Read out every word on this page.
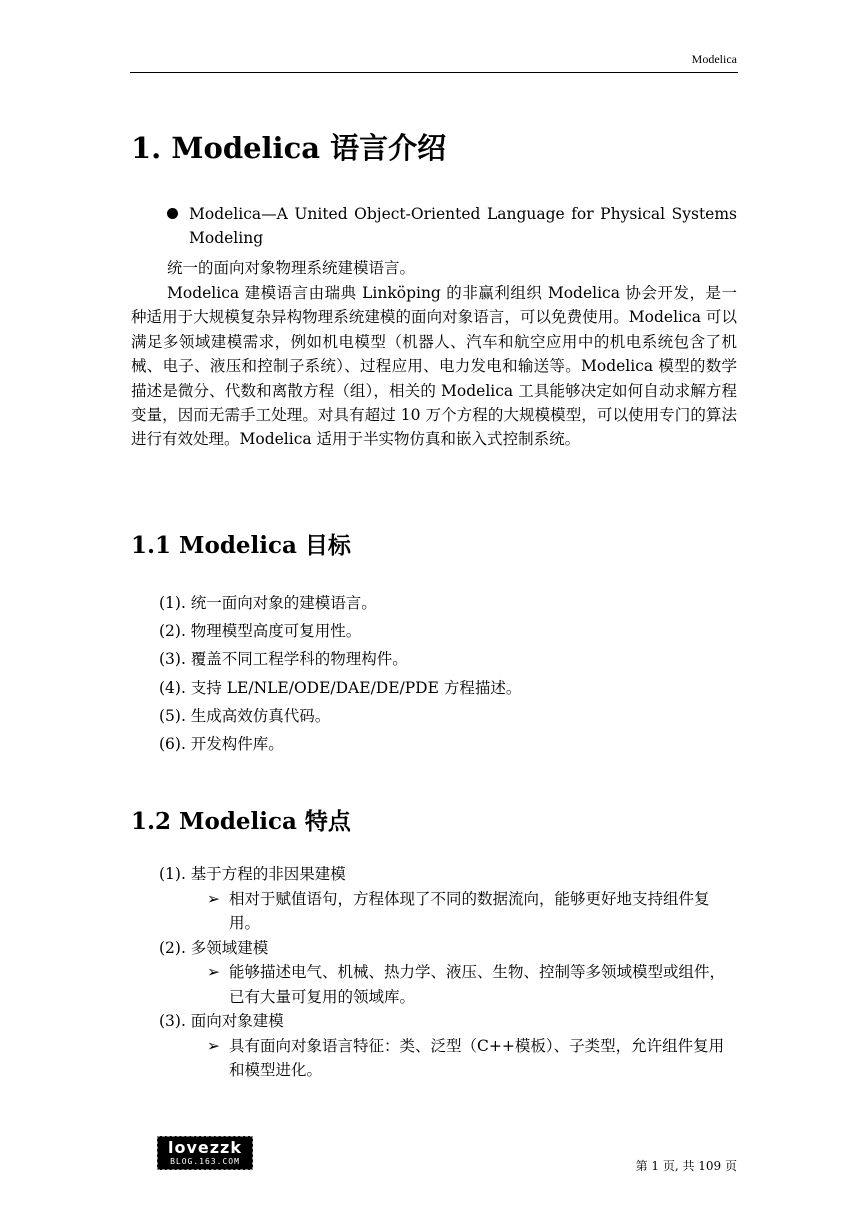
Modelica
1. Modelica 语言介绍
Modelica—A United Object-Oriented Language for Physical Systems
Modeling
统一的面向对象物理系统建模语言。
Modelica 建模语言由瑞典 Linköping 的非赢利组织 Modelica 协会开发，是一种适用于大规模复杂异构物理系统建模的面向对象语言，可以免费使用。Modelica 可以满足多领域建模需求，例如机电模型（机器人、汽车和航空应用中的机电系统包含了机械、电子、液压和控制子系统）、过程应用、电力发电和输送等。Modelica 模型的数学描述是微分、代数和离散方程（组），相关的 Modelica 工具能够决定如何自动求解方程变量，因而无需手工处理。对具有超过 10 万个方程的大规模模型，可以使用专门的算法进行有效处理。Modelica 适用于半实物仿真和嵌入式控制系统。
1.1 Modelica 目标
(1). 统一面向对象的建模语言。
(2). 物理模型高度可复用性。
(3). 覆盖不同工程学科的物理构件。
(4). 支持 LE/NLE/ODE/DAE/DE/PDE 方程描述。
(5). 生成高效仿真代码。
(6). 开发构件库。
1.2 Modelica 特点
(1). 基于方程的非因果建模
➢ 相对于赋值语句，方程体现了不同的数据流向，能够更好地支持组件复用。
(2). 多领域建模
➢ 能够描述电气、机械、热力学、液压、生物、控制等多领域模型或组件，已有大量可复用的领域库。
(3). 面向对象建模
➢ 具有面向对象语言特征：类、泛型（C++模板）、子类型，允许组件复用和模型进化。
lovezzk
BLOG.163.COM	第 1 页, 共 109 页
